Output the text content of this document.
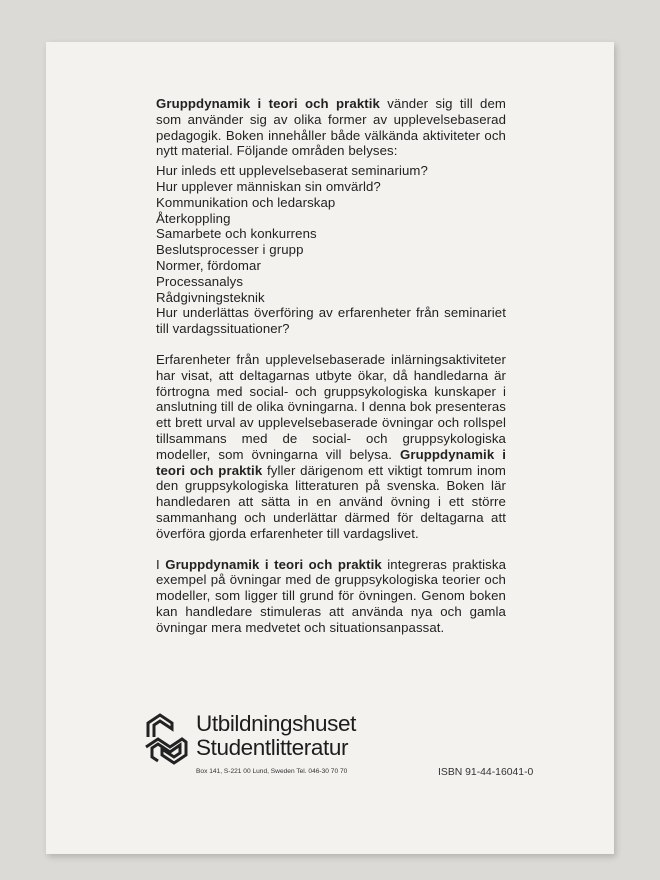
Gruppdynamik i teori och praktik vänder sig till dem som använder sig av olika former av upplevelsebaserad pedagogik. Boken innehåller både välkända aktiviteter och nytt material. Följande områden belyses:

Hur inleds ett upplevelsebaserat seminarium?
Hur upplever människan sin omvärld?
Kommunikation och ledarskap
Återkoppling
Samarbete och konkurrens
Beslutsprocesser i grupp
Normer, fördomar
Processanalys
Rådgivningsteknik
Hur underlättas överföring av erfarenheter från seminariet till vardagssituationer?

Erfarenheter från upplevelsebaserade inlärningsaktiviteter har visat, att deltagarnas utbyte ökar, då handledarna är förtrogna med social- och gruppsykologiska kunskaper i anslutning till de olika övningarna. I denna bok presenteras ett brett urval av upplevelsebaserade övningar och rollspel tillsammans med de social- och gruppsykologiska modeller, som övningarna vill belysa. Gruppdynamik i teori och praktik fyller därigenom ett viktigt tomrum inom den gruppsykologiska litteraturen på svenska. Boken lär handledaren att sätta in en använd övning i ett större sammanhang och underlättar därmed för deltagarna att överföra gjorda erfarenheter till vardagslivet.

I Gruppdynamik i teori och praktik integreras praktiska exempel på övningar med de gruppsykologiska teorier och modeller, som ligger till grund för övningen. Genom boken kan handledare stimuleras att använda nya och gamla övningar mera medvetet och situationsanpassat.

Utbildningshuset
Studentlitteratur
Box 141, S-221 00 Lund, Sweden Tel. 046-30 70 70	ISBN 91-44-16041-0
